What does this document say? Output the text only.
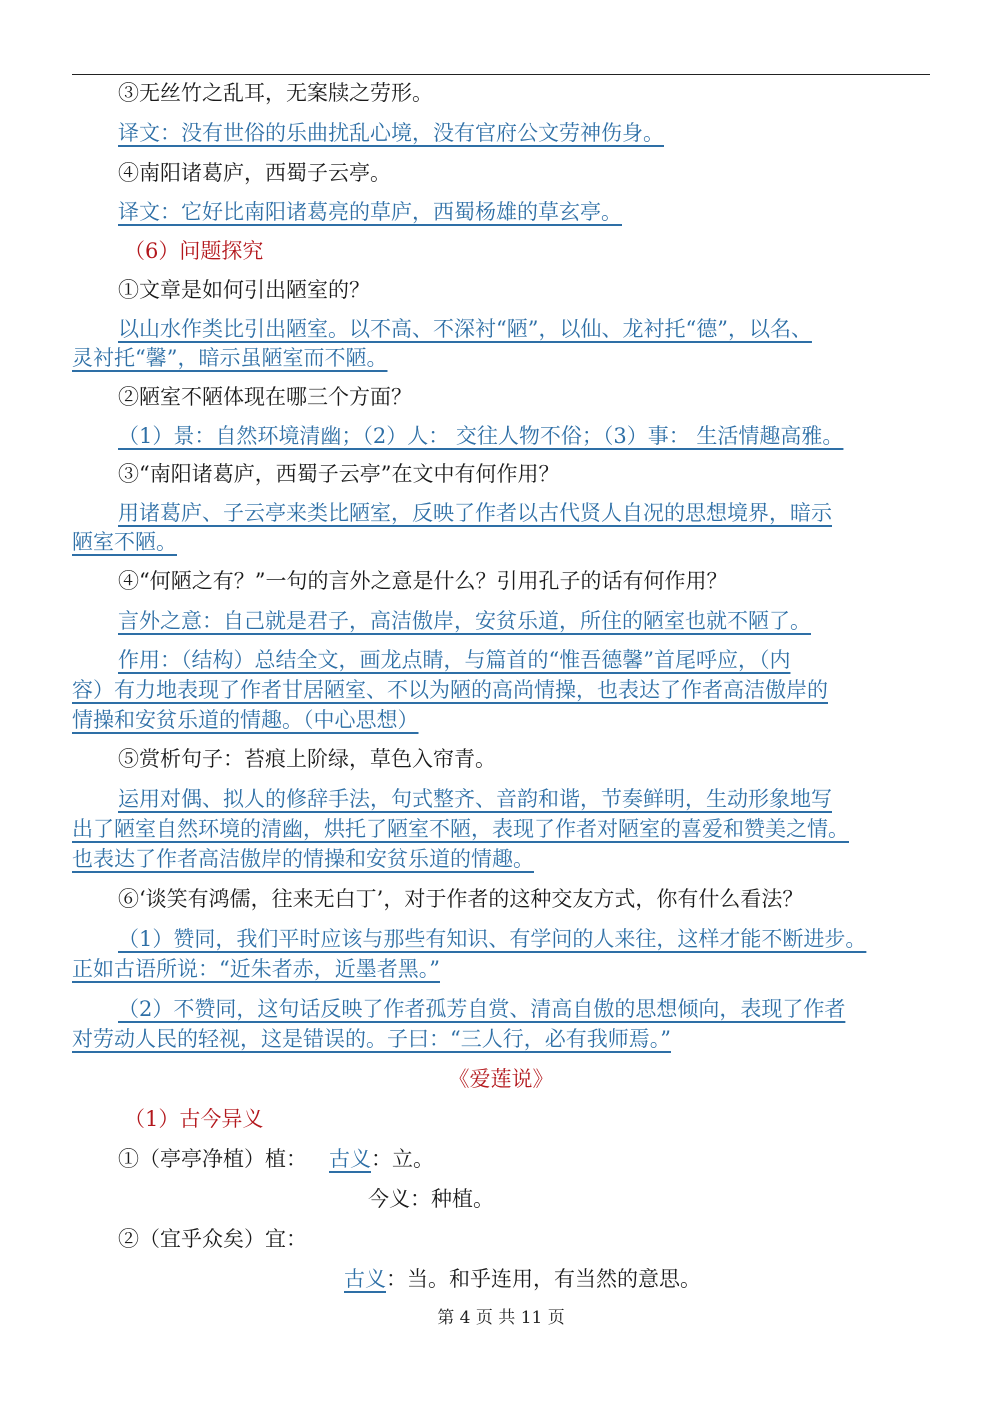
③无丝竹之乱耳，无案牍之劳形。
译文：没有世俗的乐曲扰乱心境，没有官府公文劳神伤身。
④南阳诸葛庐，西蜀子云亭。
译文：它好比南阳诸葛亮的草庐，西蜀杨雄的草玄亭。
（6）问题探究
①文章是如何引出陋室的？
以山水作类比引出陋室。以不高、不深衬“陋”，以仙、龙衬托“德”，以名、
灵衬托“馨”，暗示虽陋室而不陋。
②陋室不陋体现在哪三个方面？
（1）景：自然环境清幽；（2）人： 交往人物不俗；（3）事： 生活情趣高雅。
③“南阳诸葛庐，西蜀子云亭”在文中有何作用？
用诸葛庐、子云亭来类比陋室，反映了作者以古代贤人自况的思想境界，暗示
陋室不陋。
④“何陋之有？”一句的言外之意是什么？引用孔子的话有何作用？
言外之意：自己就是君子，高洁傲岸，安贫乐道，所住的陋室也就不陋了。
作用：（结构）总结全文，画龙点睛，与篇首的“惟吾德馨”首尾呼应，（内
容）有力地表现了作者甘居陋室、不以为陋的高尚情操，也表达了作者高洁傲岸的
情操和安贫乐道的情趣。（中心思想）
⑤赏析句子：苔痕上阶绿，草色入帘青。
运用对偶、拟人的修辞手法，句式整齐、音韵和谐，节奏鲜明，生动形象地写
出了陋室自然环境的清幽，烘托了陋室不陋，表现了作者对陋室的喜爱和赞美之情。
也表达了作者高洁傲岸的情操和安贫乐道的情趣。
⑥‘谈笑有鸿儒，往来无白丁’，对于作者的这种交友方式，你有什么看法？
（1）赞同，我们平时应该与那些有知识、有学问的人来往，这样才能不断进步。
正如古语所说：“近朱者赤，近墨者黑。”
（2）不赞同，这句话反映了作者孤芳自赏、清高自傲的思想倾向，表现了作者
对劳动人民的轻视，这是错误的。子曰：“三人行，必有我师焉。”
《爱莲说》
（1）古今异义
①（亭亭净植）植： 古义：立。
今义：种植。
②（宜乎众矣）宜：
古义：当。和乎连用，有当然的意思。
第 4 页 共 11 页
